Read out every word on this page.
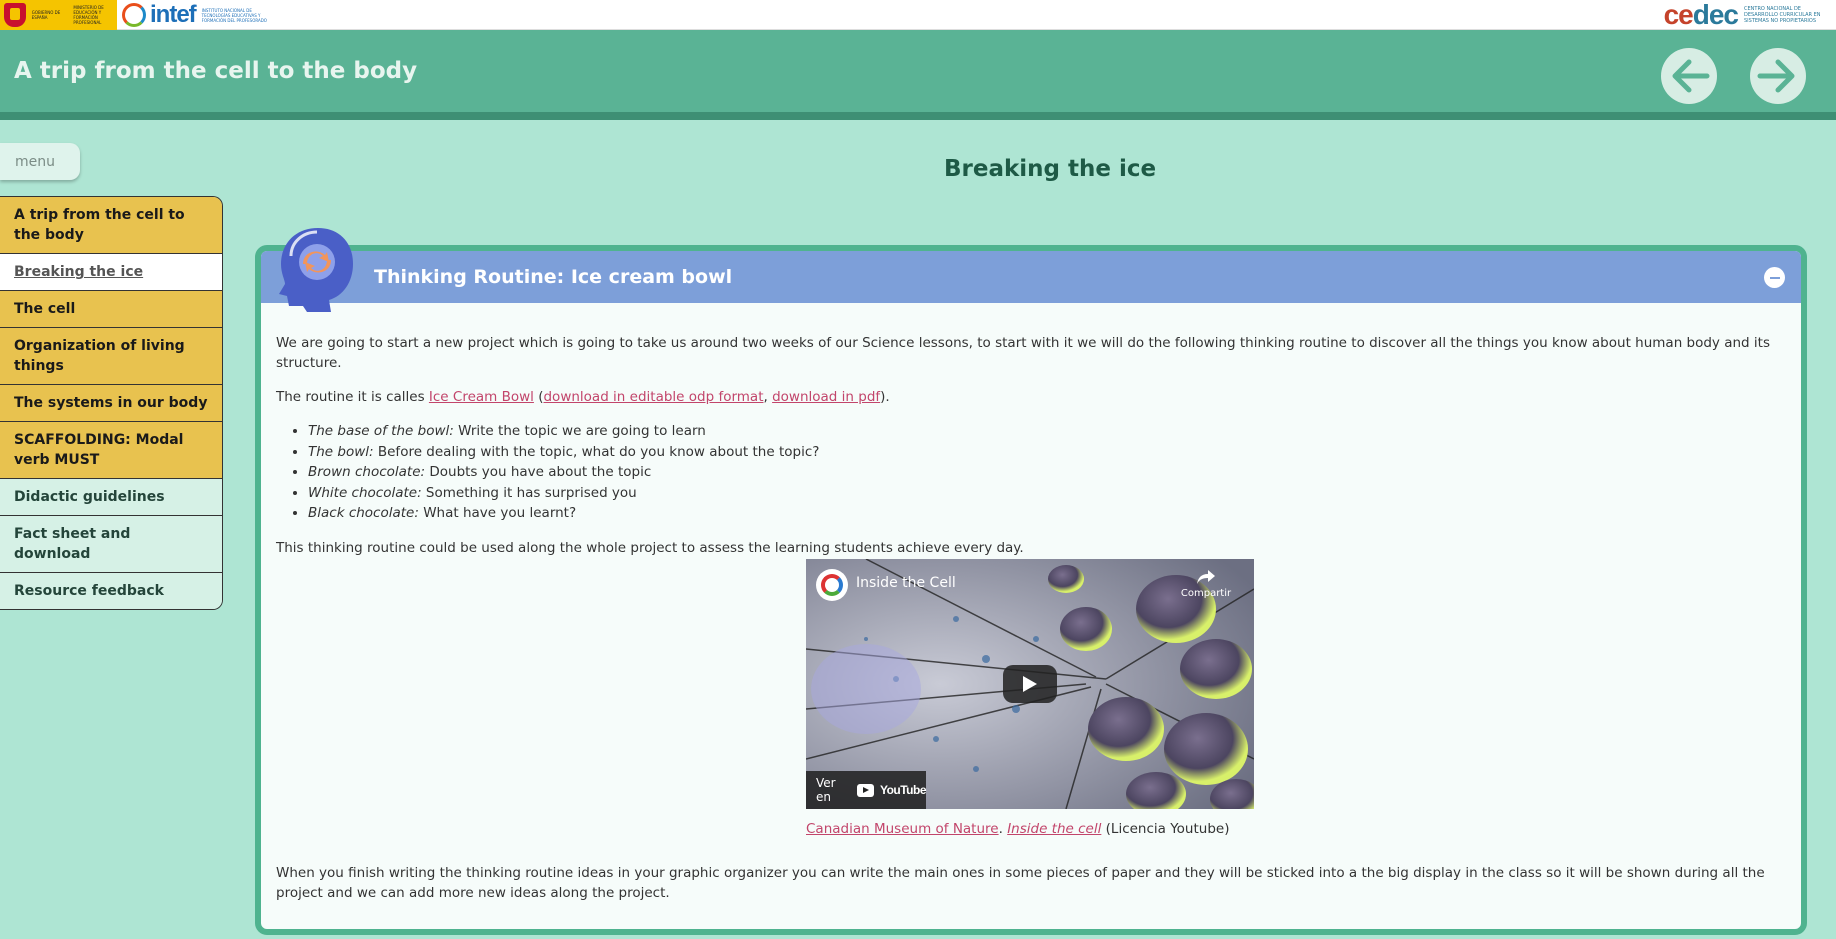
GOBIERNO DE ESPAÑA
MINISTERIO DE EDUCACIÓN Y FORMACIÓN PROFESIONAL	intef INSTITUTO NACIONAL DE TECNOLOGÍAS EDUCATIVAS Y FORMACIÓN DEL PROFESORADO	ce dec CENTRO NACIONAL DE DESARROLLO CURRICULAR EN SISTEMAS NO PROPIETARIOS
A trip from the cell to the body
menu
A trip from the cell to the body
Breaking the ice
The cell
Organization of living things
The systems in our body
SCAFFOLDING: Modal verb MUST
Didactic guidelines
Fact sheet and download
Resource feedback
Breaking the ice
Thinking Routine: Ice cream bowl

We are going to start a new project which is going to take us around two weeks of our Science lessons, to start with it we will do the following thinking routine to discover all the things you know about human body and its structure.

The routine it is calles Ice Cream Bowl (download in editable odp format, download in pdf).

• The base of the bowl: Write the topic we are going to learn
• The bowl: Before dealing with the topic, what do you know about the topic?
• Brown chocolate: Doubts you have about the topic
• White chocolate: Something it has surprised you
• Black chocolate: What have you learnt?

This thinking routine could be used along the whole project to assess the learning students achieve every day.

Inside the Cell
Compartir
Ver en	YouTube
Canadian Museum of Nature. Inside the cell (Licencia Youtube)

When you finish writing the thinking routine ideas in your graphic organizer you can write the main ones in some pieces of paper and they will be sticked into a the big display in the class so it will be shown during all the project and we can add more new ideas along the project.
